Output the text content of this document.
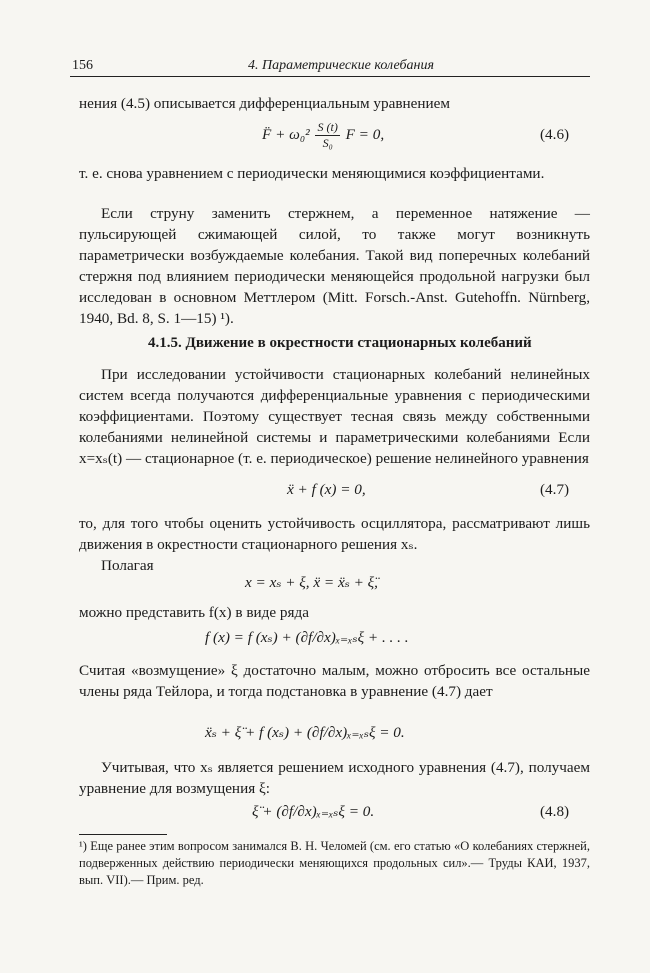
156	4. Параметрические колебания
нения (4.5) описывается дифференциальным уравнением
F̈ + $\omega_0^2 \frac{S (t)}{\text{S₀}}$ F = 0,	(4.6)
т. е. снова уравнением с периодически меняющимися коэффициентами.
Если струну заменить стержнем, а переменное натяжение — пульсирующей сжимающей силой, то также могут возникнуть параметрически возбуждаемые колебания. Такой вид поперечных колебаний стержня под влиянием периодически меняющейся продольной нагрузки был исследован в основном Меттлером (Mitt. Forsch.-Anst. Gutehoffn. Nürnberg, 1940, Bd. 8, S. 1—15) ¹).
4.1.5. Движение в окрестности стационарных колебаний
При исследовании устойчивости стационарных колебаний нелинейных систем всегда получаются дифференциальные уравнения с периодическими коэффициентами. Поэтому существует тесная связь между собственными колебаниями нелинейной системы и параметрическими колебаниями Если x=xₛ(t) — стационарное (т. е. периодическое) решение нелинейного уравнения
ẍ + f (x) = 0,	(4.7)
то, для того чтобы оценить устойчивость осциллятора, рассматривают лишь движения в окрестности стационарного решения xₛ.
Полагая
x = xₛ + ξ, ẍ = ẍₛ + ξ̈,
можно представить f(x) в виде ряда
f (x) = f (xₛ) + (∂f/∂x)ₓ₌ₓₛξ + . . . .
Считая «возмущение» ξ достаточно малым, можно отбросить все остальные члены ряда Тейлора, и тогда подстановка в уравнение (4.7) дает
ẍₛ + ξ̈ + f (xₛ) + (∂f/∂x)ₓ₌ₓₛξ = 0.
Учитывая, что xₛ является решением исходного уравнения (4.7), получаем уравнение для возмущения ξ:
ξ̈ + (∂f/∂x)ₓ₌ₓₛξ = 0.	(4.8)
¹) Еще ранее этим вопросом занимался В. Н. Челомей (см. его статью «О колебаниях стержней, подверженных действию периодически меняющихся продольных сил».— Труды КАИ, 1937, вып. VII).— Прим. ред.
